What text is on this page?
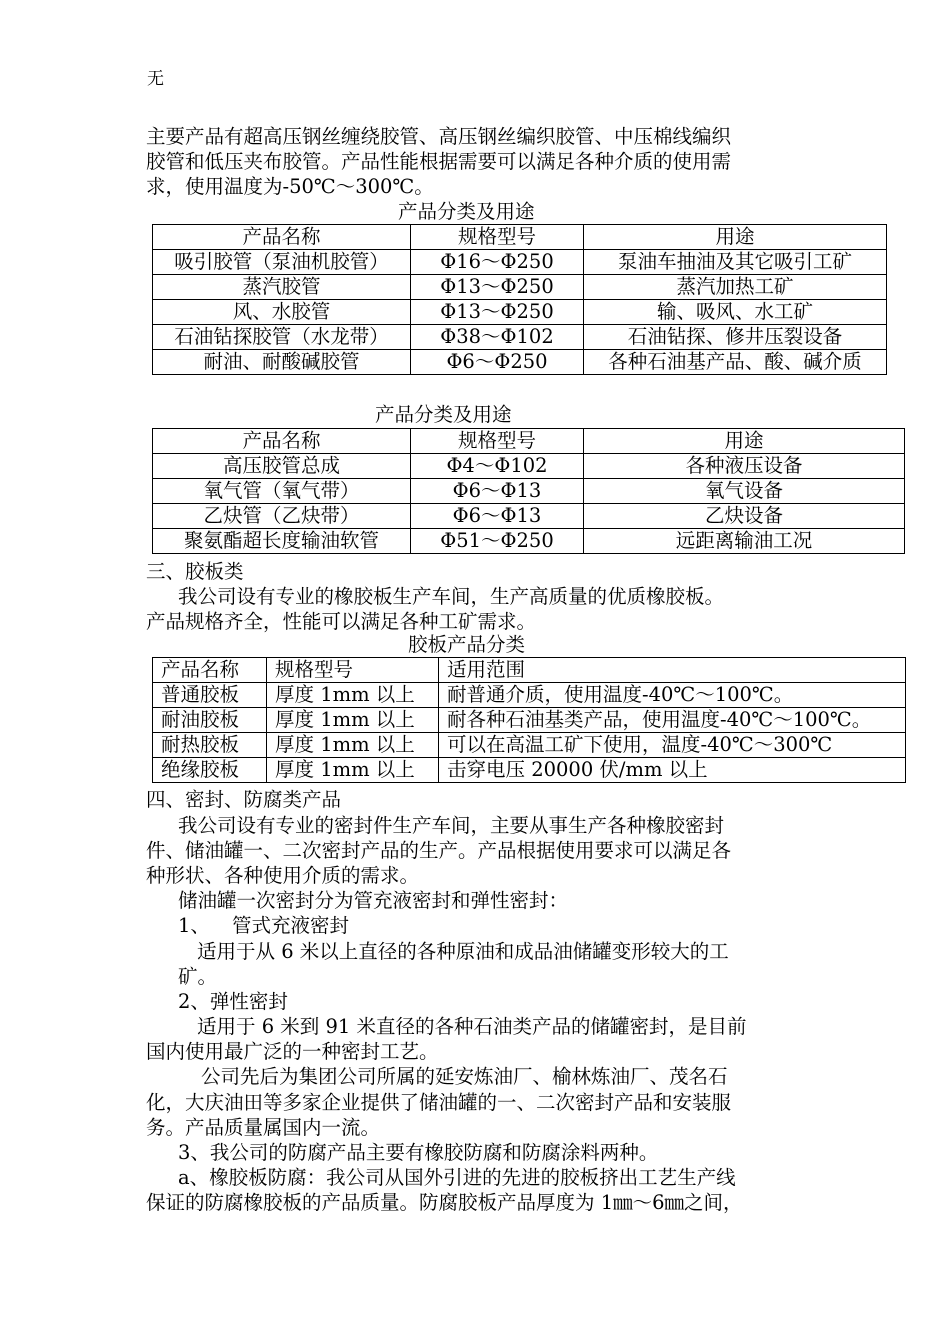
无
主要产品有超高压钢丝缠绕胶管、高压钢丝编织胶管、中压棉线编织
胶管和低压夹布胶管。产品性能根据需要可以满足各种介质的使用需
求，使用温度为-50℃～300℃。
产品分类及用途
产品名称	规格型号	用途
吸引胶管（泵油机胶管）	Φ16～Φ250	泵油车抽油及其它吸引工矿
蒸汽胶管	Φ13～Φ250	蒸汽加热工矿
风、水胶管	Φ13～Φ250	输、吸风、水工矿
石油钻探胶管（水龙带）	Φ38～Φ102	石油钻探、修井压裂设备
耐油、耐酸碱胶管	Φ6～Φ250	各种石油基产品、酸、碱介质
产品分类及用途
产品名称	规格型号	用途
高压胶管总成	Φ4～Φ102	各种液压设备
氧气管（氧气带）	Φ6～Φ13	氧气设备
乙炔管（乙炔带）	Φ6～Φ13	乙炔设备
聚氨酯超长度输油软管	Φ51～Φ250	远距离输油工况
三、胶板类
我公司设有专业的橡胶板生产车间，生产高质量的优质橡胶板。
产品规格齐全，性能可以满足各种工矿需求。
胶板产品分类
产品名称	规格型号	适用范围
普通胶板	厚度 1mm 以上	耐普通介质，使用温度-40℃～100℃。
耐油胶板	厚度 1mm 以上	耐各种石油基类产品，使用温度-40℃～100℃。
耐热胶板	厚度 1mm 以上	可以在高温工矿下使用，温度-40℃～300℃
绝缘胶板	厚度 1mm 以上	击穿电压 20000 伏/mm 以上
四、密封、防腐类产品
我公司设有专业的密封件生产车间，主要从事生产各种橡胶密封
件、储油罐一、二次密封产品的生产。产品根据使用要求可以满足各
种形状、各种使用介质的需求。
储油罐一次密封分为管充液密封和弹性密封：
1、 管式充液密封
适用于从 6 米以上直径的各种原油和成品油储罐变形较大的工
矿。
2、弹性密封
适用于 6 米到 91 米直径的各种石油类产品的储罐密封，是目前
国内使用最广泛的一种密封工艺。
公司先后为集团公司所属的延安炼油厂、榆林炼油厂、茂名石
化，大庆油田等多家企业提供了储油罐的一、二次密封产品和安装服
务。产品质量属国内一流。
3、我公司的防腐产品主要有橡胶防腐和防腐涂料两种。
a、橡胶板防腐：我公司从国外引进的先进的胶板挤出工艺生产线
保证的防腐橡胶板的产品质量。防腐胶板产品厚度为 1㎜～6㎜之间，
